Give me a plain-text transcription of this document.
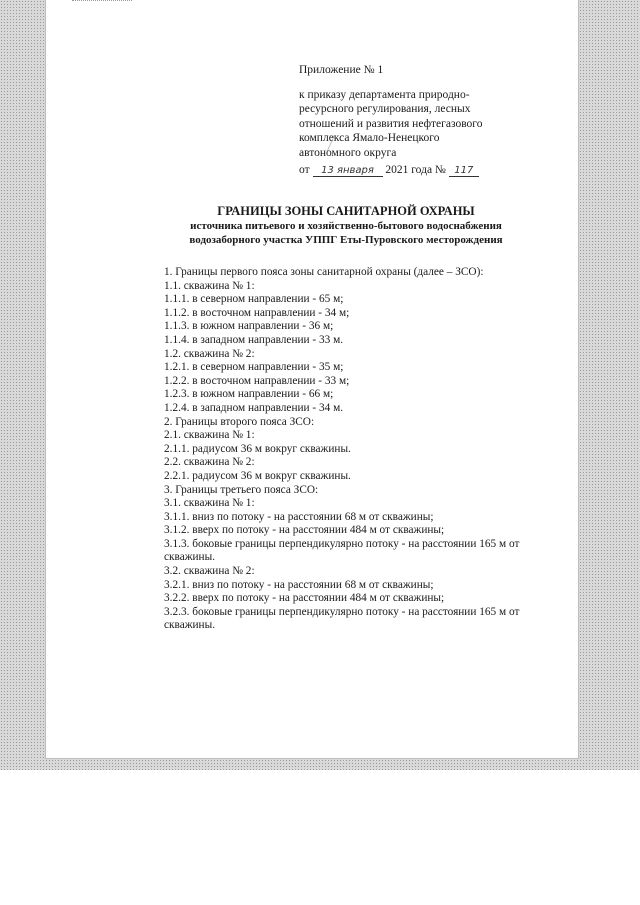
Приложение № 1

к приказу департамента природно-

ресурсного регулирования, лесных

отношений и развития нефтегазового

комплекса Ямало-Ненецкого

автономного округа

от 13 января 2021 года № 117
ГРАНИЦЫ ЗОНЫ САНИТАРНОЙ ОХРАНЫ
источника питьевого и хозяйственно-бытового водоснабжения
водозаборного участка УППГ Еты-Пуровского месторождения

1. Границы первого пояса зоны санитарной охраны (далее – ЗСО):

1.1. скважина № 1:

1.1.1. в северном направлении - 65 м;

1.1.2. в восточном направлении - 34 м;

1.1.3. в южном направлении - 36 м;

1.1.4. в западном направлении - 33 м.

1.2. скважина № 2:

1.2.1. в северном направлении - 35 м;

1.2.2. в восточном направлении - 33 м;

1.2.3. в южном направлении - 66 м;

1.2.4. в западном направлении - 34 м.

2. Границы второго пояса ЗСО:

2.1. скважина № 1:

2.1.1. радиусом 36 м вокруг скважины.

2.2. скважина № 2:

2.2.1. радиусом 36 м вокруг скважины.

3. Границы третьего пояса ЗСО:

3.1. скважина № 1:

3.1.1. вниз по потоку - на расстоянии 68 м от скважины;

3.1.2. вверх по потоку - на расстоянии 484 м от скважины;

3.1.3. боковые границы перпендикулярно потоку - на расстоянии 165 м от

скважины.

3.2. скважина № 2:

3.2.1. вниз по потоку - на расстоянии 68 м от скважины;

3.2.2. вверх по потоку - на расстоянии 484 м от скважины;

3.2.3. боковые границы перпендикулярно потоку - на расстоянии 165 м от

скважины.
